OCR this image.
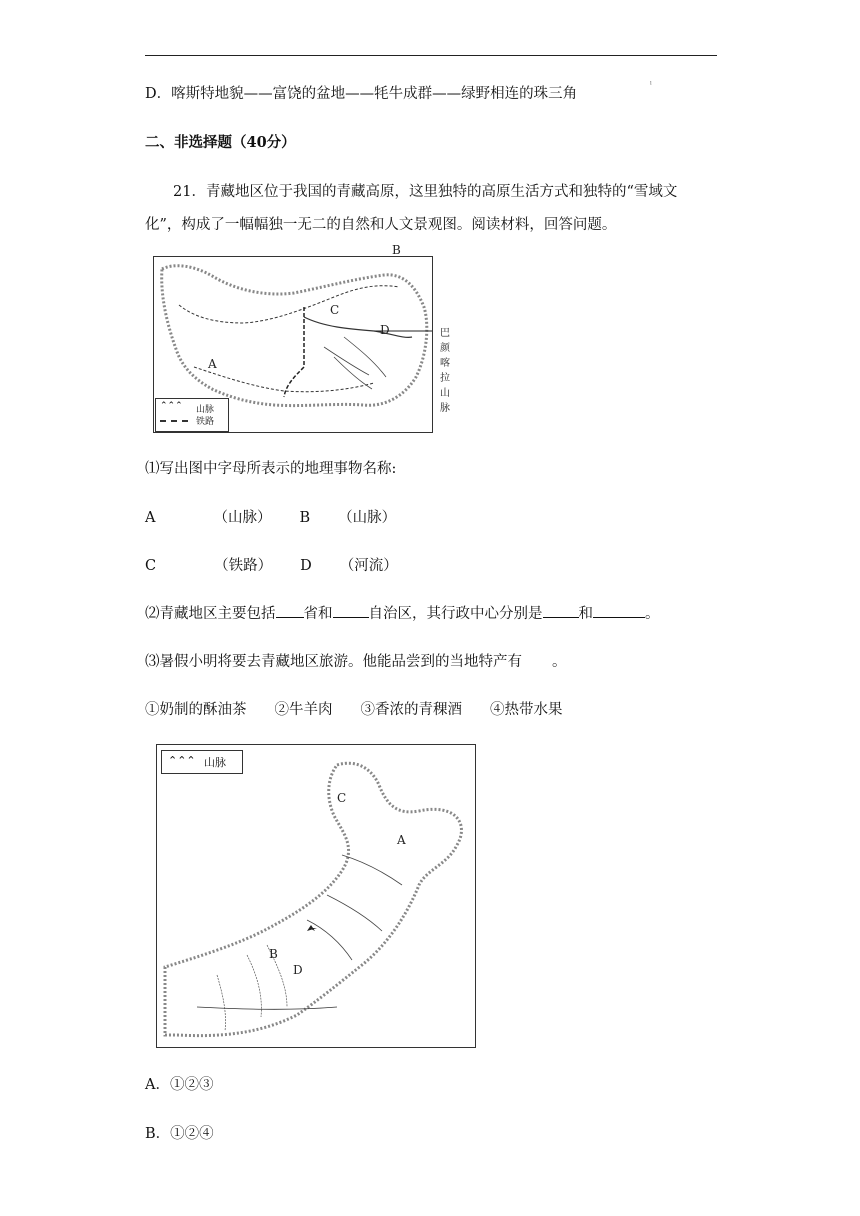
D．喀斯特地貌——富饶的盆地——牦牛成群——绿野相连的珠三角
ˡ
二、非选择题（40分）
21．青藏地区位于我国的青藏高原，这里独特的高原生活方式和独特的“雪域文
化”，构成了一幅幅独一无二的自然和人文景观图。阅读材料，回答问题。
B
C
D
A
巴颜喀拉山脉
⌃⌃⌃ 山脉
铁路
⑴写出图中字母所表示的地理事物名称:
A	（山脉） B （山脉）
C	（铁路） D （河流）
⑵青藏地区主要包括 省和 自治区，其行政中心分别是 和	。
⑶暑假小明将要去青藏地区旅游。他能品尝到的当地特产有 。
①奶制的酥油茶 ②牛羊肉 ③香浓的青稞酒 ④热带水果
⌃⌃⌃ 山脉
C
A
B
D
A．①②③
B．①②④
